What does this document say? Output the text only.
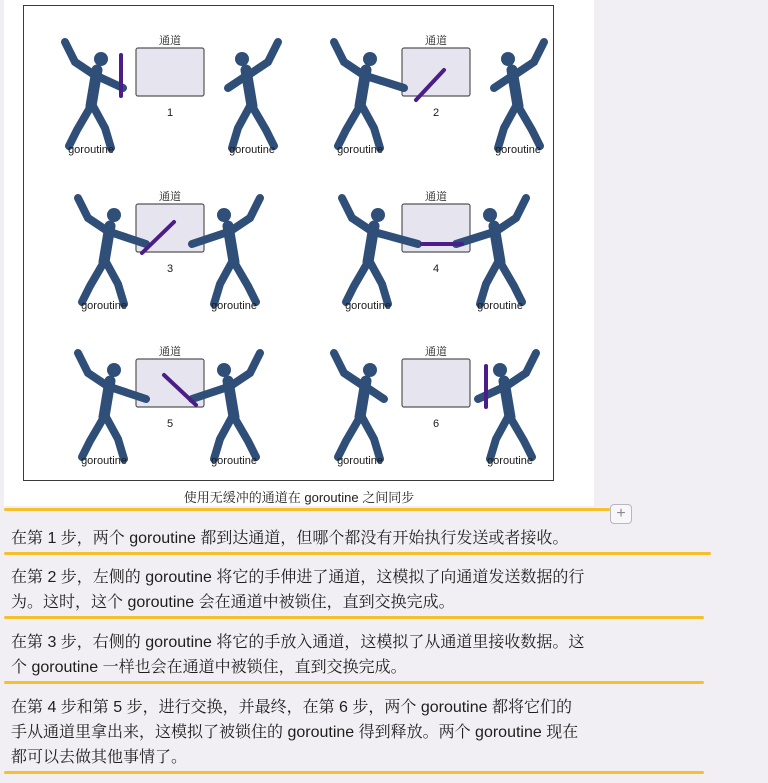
通道
1
goroutine	goroutine
通道
2
goroutine	goroutine
通道
3
goroutine	goroutine
通道
4
goroutine	goroutine
通道
5
goroutine	goroutine
通道
6
goroutine	goroutine
使用无缓冲的通道在 goroutine 之间同步
+
在第 1 步，两个 goroutine 都到达通道，但哪个都没有开始执行发送或者接收。
在第 2 步，左侧的 goroutine 将它的手伸进了通道，这模拟了向通道发送数据的行
为。这时，这个 goroutine 会在通道中被锁住，直到交换完成。
在第 3 步，右侧的 goroutine 将它的手放入通道，这模拟了从通道里接收数据。这
个 goroutine 一样也会在通道中被锁住，直到交换完成。
在第 4 步和第 5 步，进行交换，并最终，在第 6 步，两个 goroutine 都将它们的
手从通道里拿出来，这模拟了被锁住的 goroutine 得到释放。两个 goroutine 现在
都可以去做其他事情了。
